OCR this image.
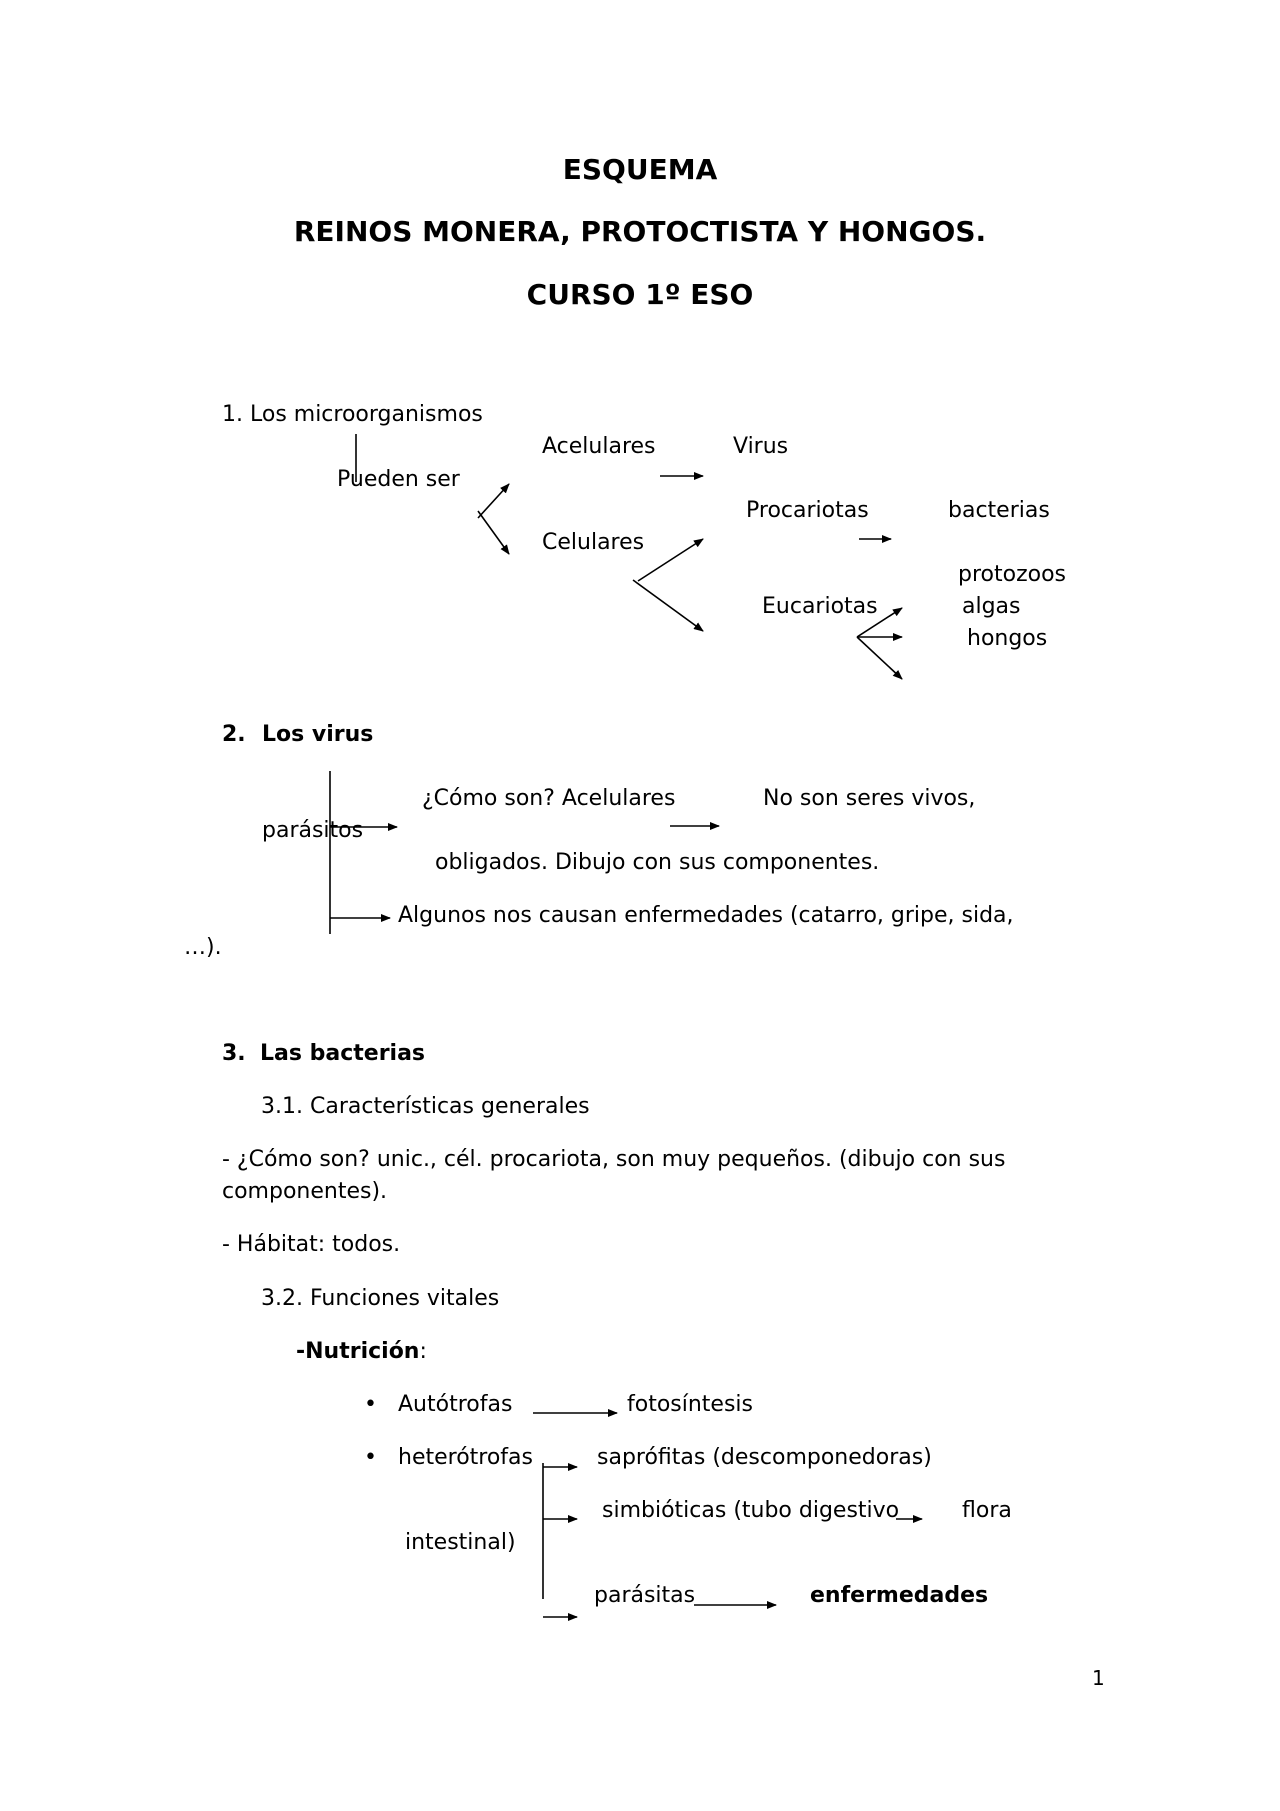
ESQUEMA
REINOS MONERA, PROTOCTISTA Y HONGOS.
CURSO 1º ESO
1. Los microorganismos
Pueden ser
Acelulares	Virus
Celulares
Procariotas	bacterias
Eucariotas
protozoos
algas
hongos
2. Los virus
¿Cómo son? Acelulares	No son seres vivos,
parásitos
obligados. Dibujo con sus componentes.
Algunos nos causan enfermedades (catarro, gripe, sida,
…).
3. Las bacterias
3.1. Características generales
- ¿Cómo son? unic., cél. procariota, son muy pequeños. (dibujo con sus
componentes).
- Hábitat: todos.
3.2. Funciones vitales
-Nutrición:
• Autótrofas	fotosíntesis
• heterótrofas	saprófitas (descomponedoras)
simbióticas (tubo digestivo	flora
intestinal)
parásitas	enfermedades
1
